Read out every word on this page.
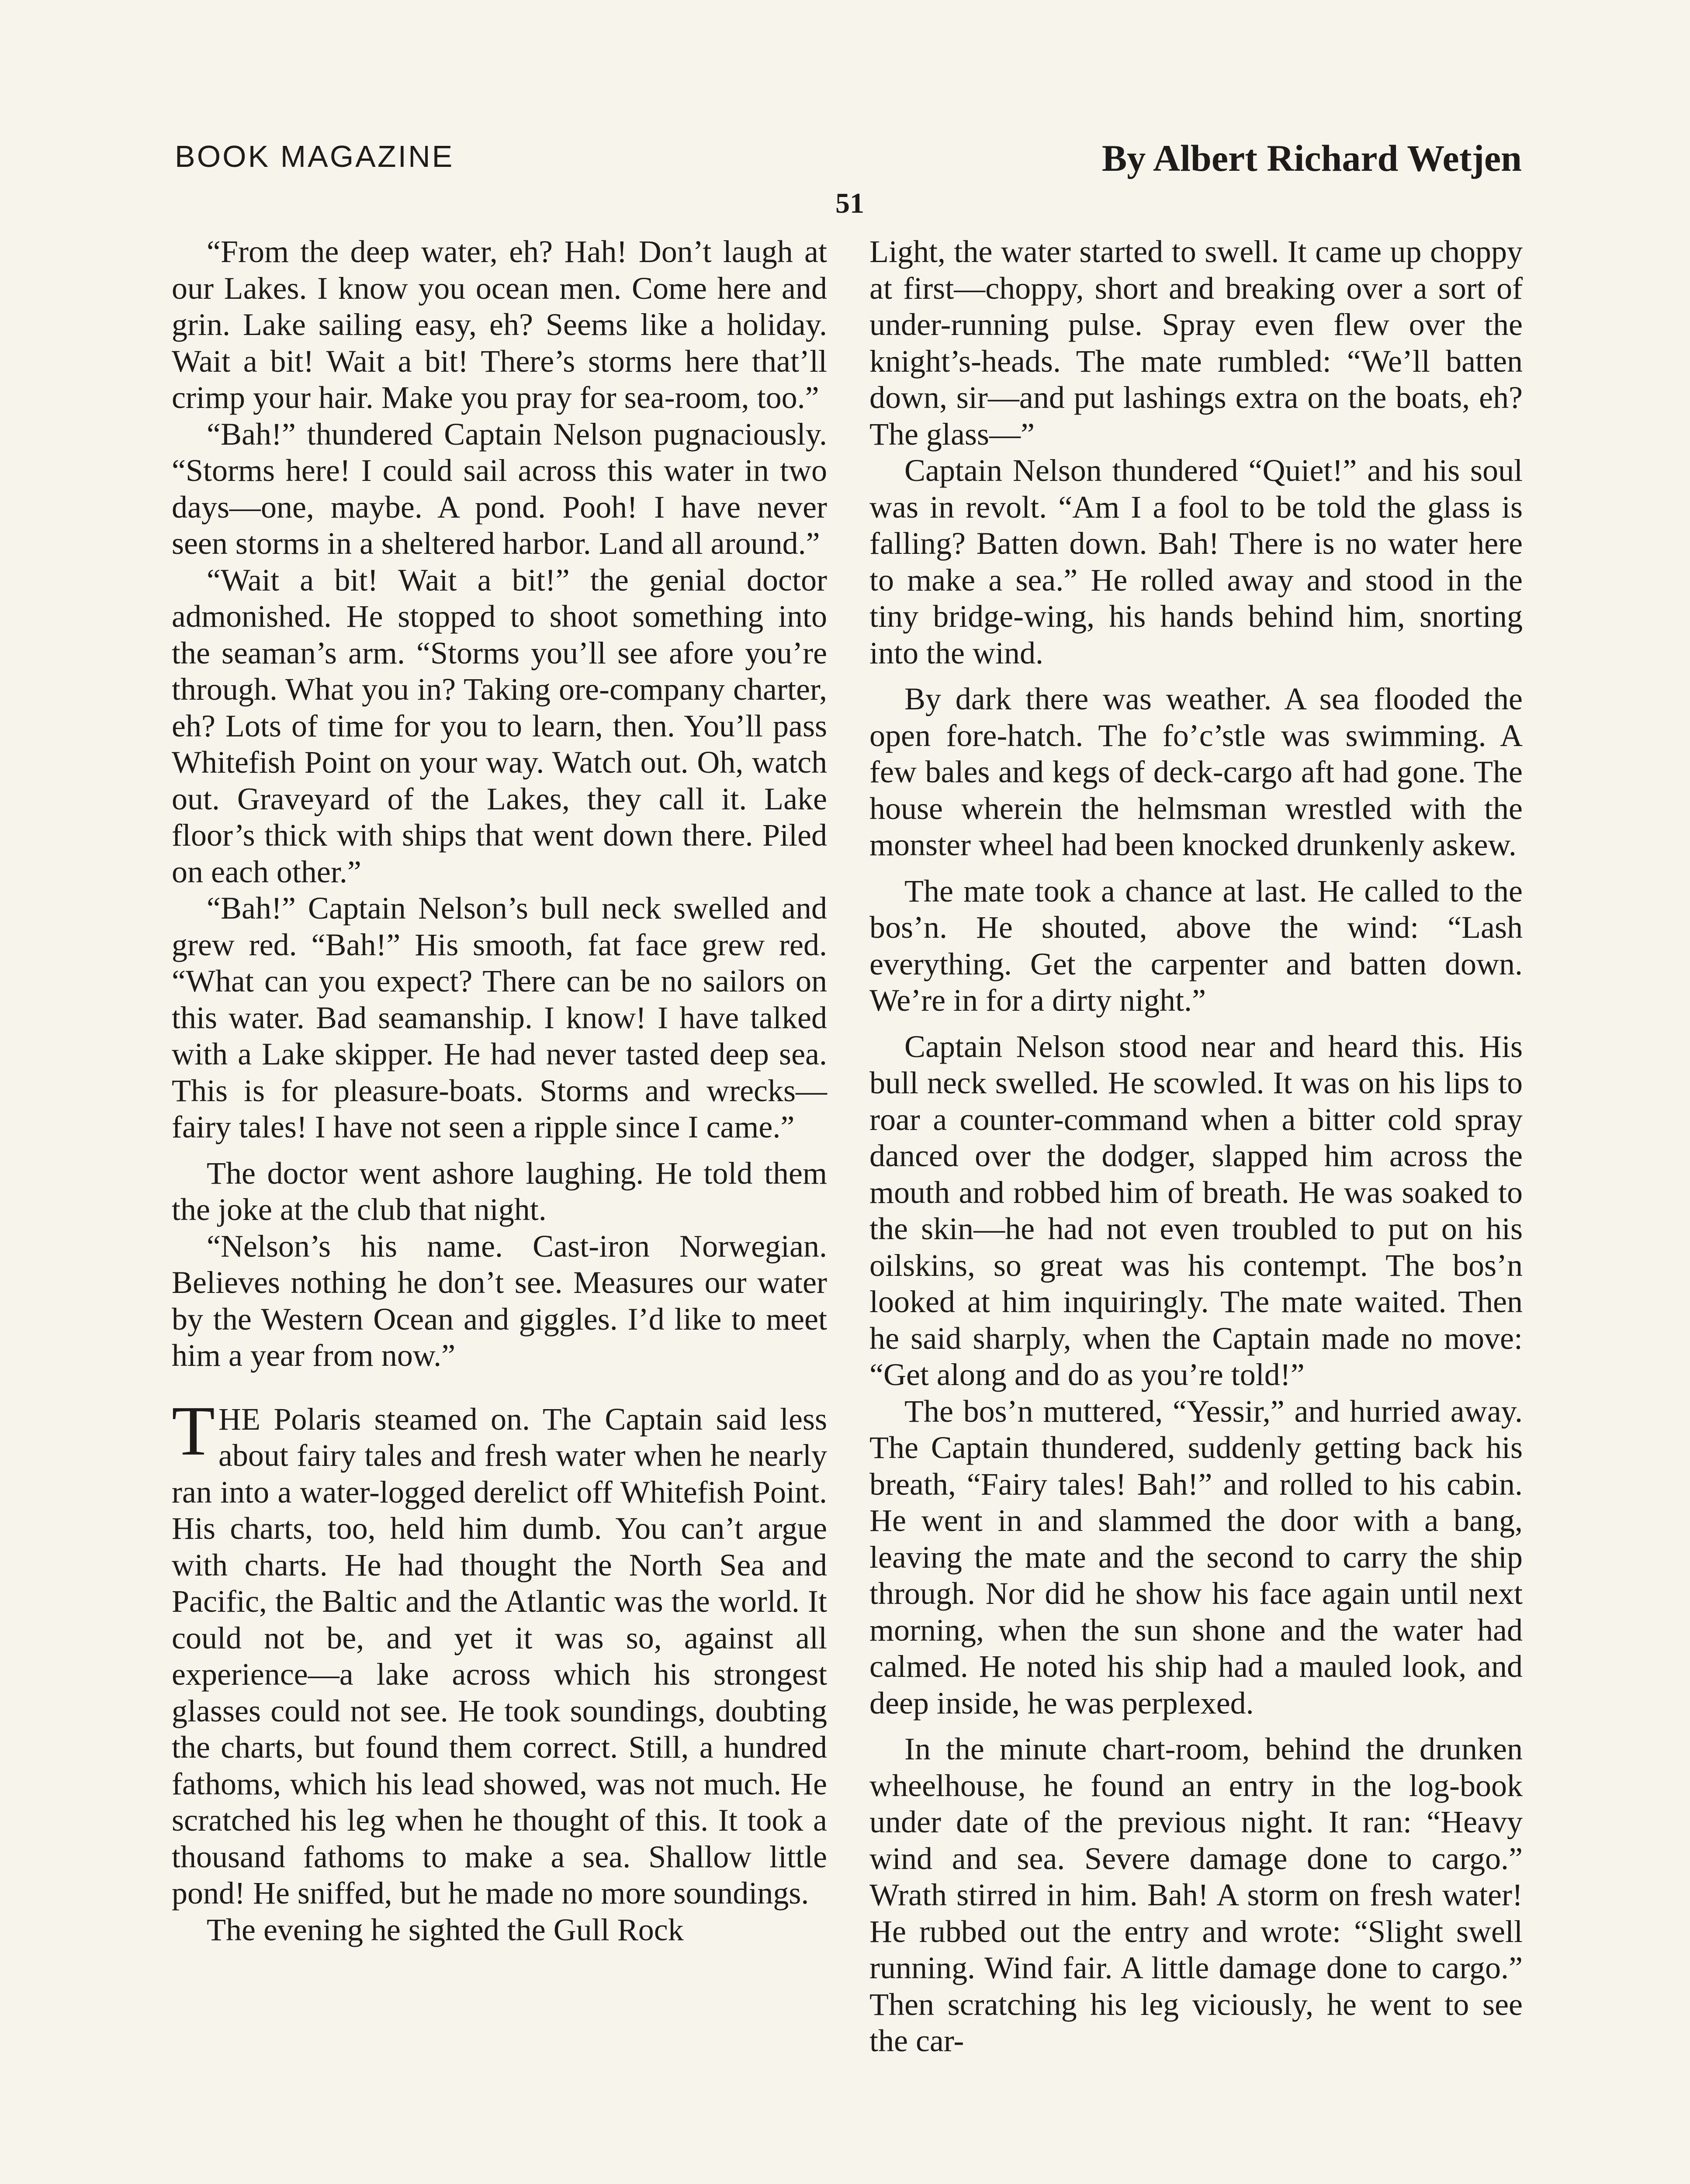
BOOK MAGAZINE	By Albert Richard Wetjen
51

“From the deep water, eh? Hah! Don’t laugh at our Lakes. I know you ocean men. Come here and grin. Lake sailing easy, eh? Seems like a holiday. Wait a bit! Wait a bit! There’s storms here that’ll crimp your hair. Make you pray for sea-room, too.”

“Bah!” thundered Captain Nelson pugnaciously. “Storms here! I could sail across this water in two days—one, maybe. A pond. Pooh! I have never seen storms in a sheltered harbor. Land all around.”

“Wait a bit! Wait a bit!” the genial doctor admonished. He stopped to shoot something into the seaman’s arm. “Storms you’ll see afore you’re through. What you in? Taking ore-company charter, eh? Lots of time for you to learn, then. You’ll pass Whitefish Point on your way. Watch out. Oh, watch out. Graveyard of the Lakes, they call it. Lake floor’s thick with ships that went down there. Piled on each other.”

“Bah!” Captain Nelson’s bull neck swelled and grew red. “Bah!” His smooth, fat face grew red. “What can you expect? There can be no sailors on this water. Bad seamanship. I know! I have talked with a Lake skipper. He had never tasted deep sea. This is for pleasure-boats. Storms and wrecks—fairy tales! I have not seen a ripple since I came.”

The doctor went ashore laughing. He told them the joke at the club that night.

“Nelson’s his name. Cast-iron Norwegian. Believes nothing he don’t see. Measures our water by the Western Ocean and giggles. I’d like to meet him a year from now.”

T HE Polaris steamed on. The Captain said less about fairy tales and fresh water when he nearly ran into a water-logged derelict off Whitefish Point. His charts, too, held him dumb. You can’t argue with charts. He had thought the North Sea and Pacific, the Baltic and the Atlantic was the world. It could not be, and yet it was so, against all experience—a lake across which his strongest glasses could not see. He took soundings, doubting the charts, but found them correct. Still, a hundred fathoms, which his lead showed, was not much. He scratched his leg when he thought of this. It took a thousand fathoms to make a sea. Shallow little pond! He sniffed, but he made no more soundings.

The evening he sighted the Gull Rock

Light, the water started to swell. It came up choppy at first—choppy, short and breaking over a sort of under-running pulse. Spray even flew over the knight’s-heads. The mate rumbled: “We’ll batten down, sir—and put lashings extra on the boats, eh? The glass—”

Captain Nelson thundered “Quiet!” and his soul was in revolt. “Am I a fool to be told the glass is falling? Batten down. Bah! There is no water here to make a sea.” He rolled away and stood in the tiny bridge-wing, his hands behind him, snorting into the wind.

By dark there was weather. A sea flooded the open fore-hatch. The fo’c’stle was swimming. A few bales and kegs of deck-cargo aft had gone. The house wherein the helmsman wrestled with the monster wheel had been knocked drunkenly askew.

The mate took a chance at last. He called to the bos’n. He shouted, above the wind: “Lash everything. Get the carpenter and batten down. We’re in for a dirty night.”

Captain Nelson stood near and heard this. His bull neck swelled. He scowled. It was on his lips to roar a counter-command when a bitter cold spray danced over the dodger, slapped him across the mouth and robbed him of breath. He was soaked to the skin—he had not even troubled to put on his oilskins, so great was his contempt. The bos’n looked at him inquiringly. The mate waited. Then he said sharply, when the Captain made no move: “Get along and do as you’re told!”

The bos’n muttered, “Yessir,” and hurried away. The Captain thundered, suddenly getting back his breath, “Fairy tales! Bah!” and rolled to his cabin. He went in and slammed the door with a bang, leaving the mate and the second to carry the ship through. Nor did he show his face again until next morning, when the sun shone and the water had calmed. He noted his ship had a mauled look, and deep inside, he was perplexed.

In the minute chart-room, behind the drunken wheelhouse, he found an entry in the log-book under date of the previous night. It ran: “Heavy wind and sea. Severe damage done to cargo.” Wrath stirred in him. Bah! A storm on fresh water! He rubbed out the entry and wrote: “Slight swell running. Wind fair. A little damage done to cargo.” Then scratching his leg viciously, he went to see the car-
